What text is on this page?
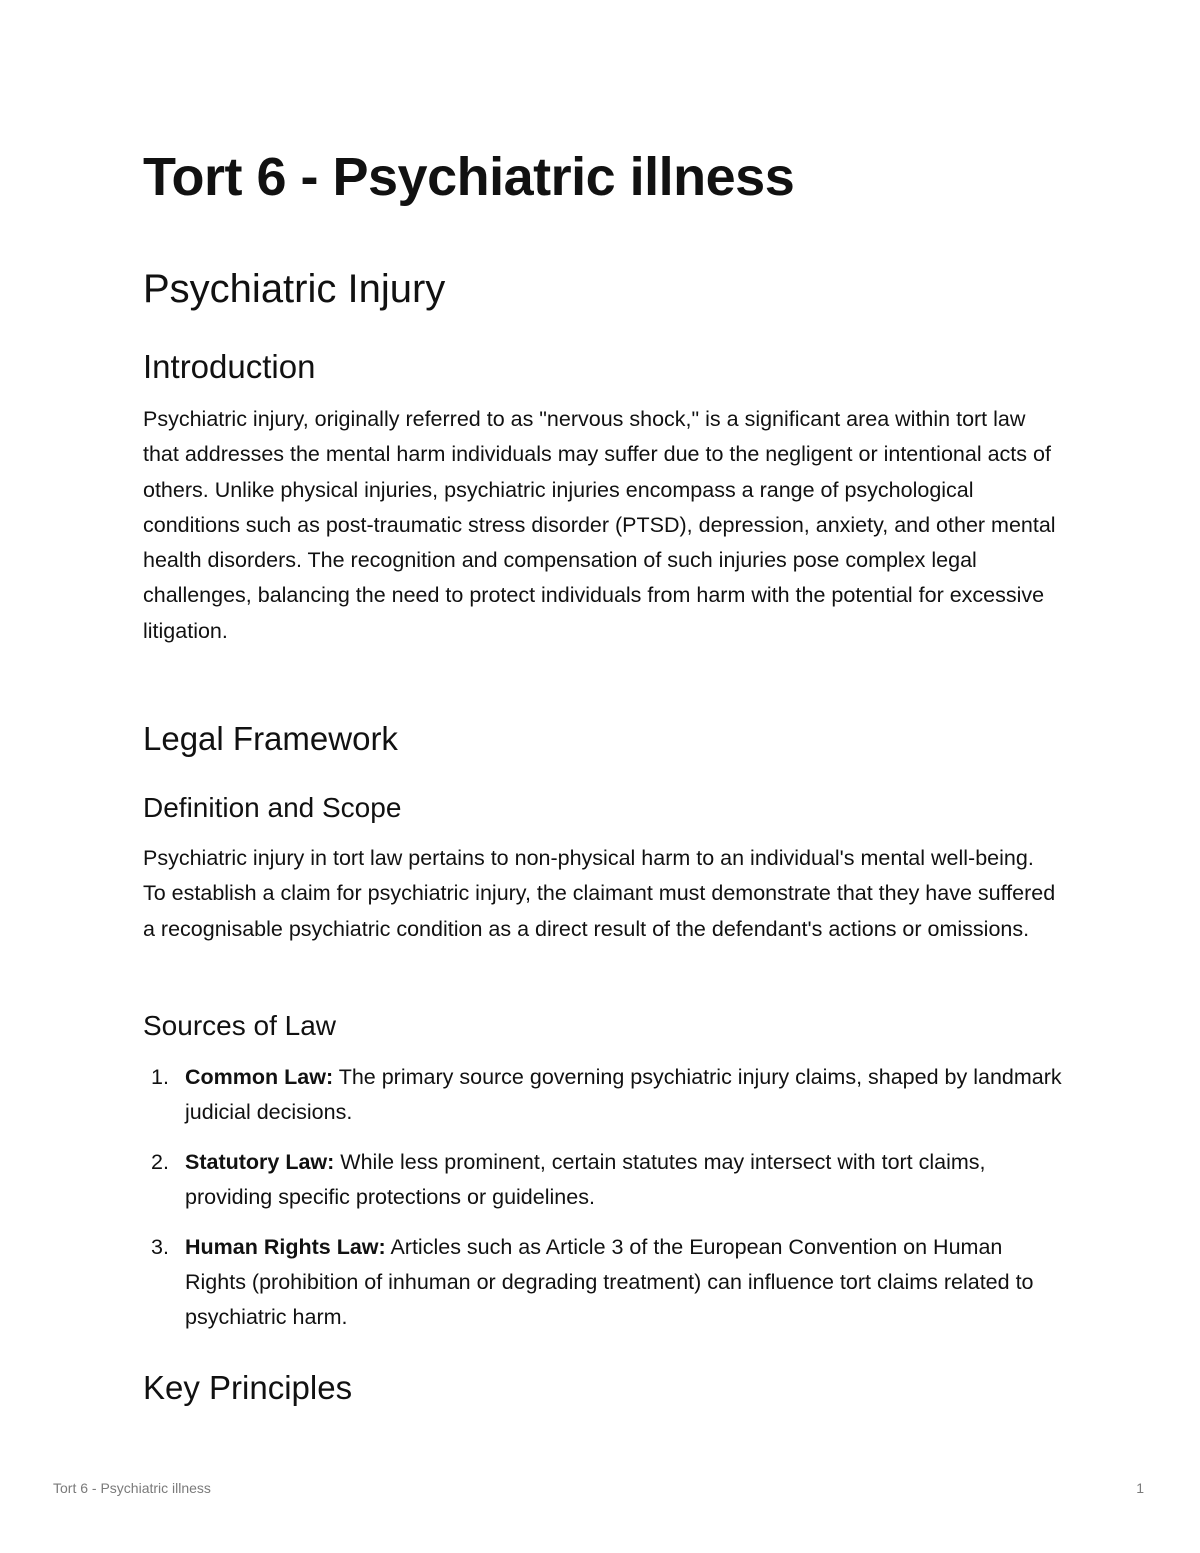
Tort 6 - Psychiatric illness
Psychiatric Injury
Introduction

Psychiatric injury, originally referred to as "nervous shock," is a significant area within tort law that addresses the mental harm individuals may suffer due to the negligent or intentional acts of others. Unlike physical injuries, psychiatric injuries encompass a range of psychological conditions such as post-traumatic stress disorder (PTSD), depression, anxiety, and other mental health disorders. The recognition and compensation of such injuries pose complex legal challenges, balancing the need to protect individuals from harm with the potential for excessive litigation.

Legal Framework
Definition and Scope

Psychiatric injury in tort law pertains to non-physical harm to an individual's mental well-being. To establish a claim for psychiatric injury, the claimant must demonstrate that they have suffered a recognisable psychiatric condition as a direct result of the defendant's actions or omissions.

Sources of Law
1. Common Law: The primary source governing psychiatric injury claims, shaped by landmark judicial decisions.
2. Statutory Law: While less prominent, certain statutes may intersect with tort claims, providing specific protections or guidelines.
3. Human Rights Law: Articles such as Article 3 of the European Convention on Human Rights (prohibition of inhuman or degrading treatment) can influence tort claims related to psychiatric harm.
Key Principles
Tort 6 - Psychiatric illness	1
